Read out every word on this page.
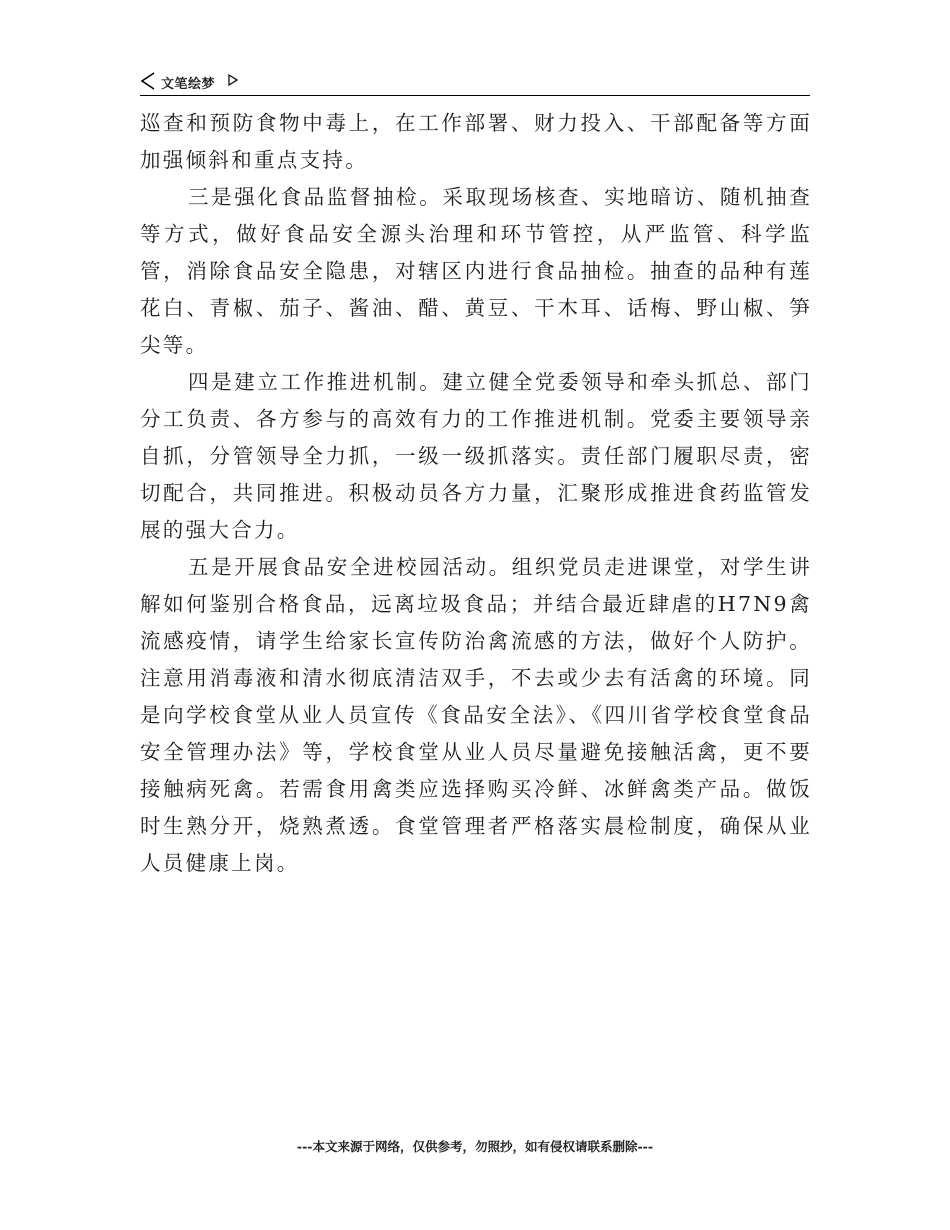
文笔绘梦

巡查和预防食物中毒上，在工作部署、财力投入、干部配备等方面加强倾斜和重点支持。

三是强化食品监督抽检。采取现场核查、实地暗访、随机抽查等方式，做好食品安全源头治理和环节管控，从严监管、科学监管，消除食品安全隐患，对辖区内进行食品抽检。抽查的品种有莲花白、青椒、茄子、酱油、醋、黄豆、干木耳、话梅、野山椒、笋尖等。

四是建立工作推进机制。建立健全党委领导和牵头抓总、部门分工负责、各方参与的高效有力的工作推进机制。党委主要领导亲自抓，分管领导全力抓，一级一级抓落实。责任部门履职尽责，密切配合，共同推进。积极动员各方力量，汇聚形成推进食药监管发展的强大合力。

五是开展食品安全进校园活动。组织党员走进课堂，对学生讲解如何鉴别合格食品，远离垃圾食品；并结合最近肆虐的H7N9禽流感疫情，请学生给家长宣传防治禽流感的方法，做好个人防护。注意用消毒液和清水彻底清洁双手，不去或少去有活禽的环境。同是向学校食堂从业人员宣传《食品安全法》、《四川省学校食堂食品安全管理办法》等，学校食堂从业人员尽量避免接触活禽，更不要接触病死禽。若需食用禽类应选择购买冷鲜、冰鲜禽类产品。做饭时生熟分开，烧熟煮透。食堂管理者严格落实晨检制度，确保从业人员健康上岗。

---本文来源于网络，仅供参考，勿照抄，如有侵权请联系删除---
